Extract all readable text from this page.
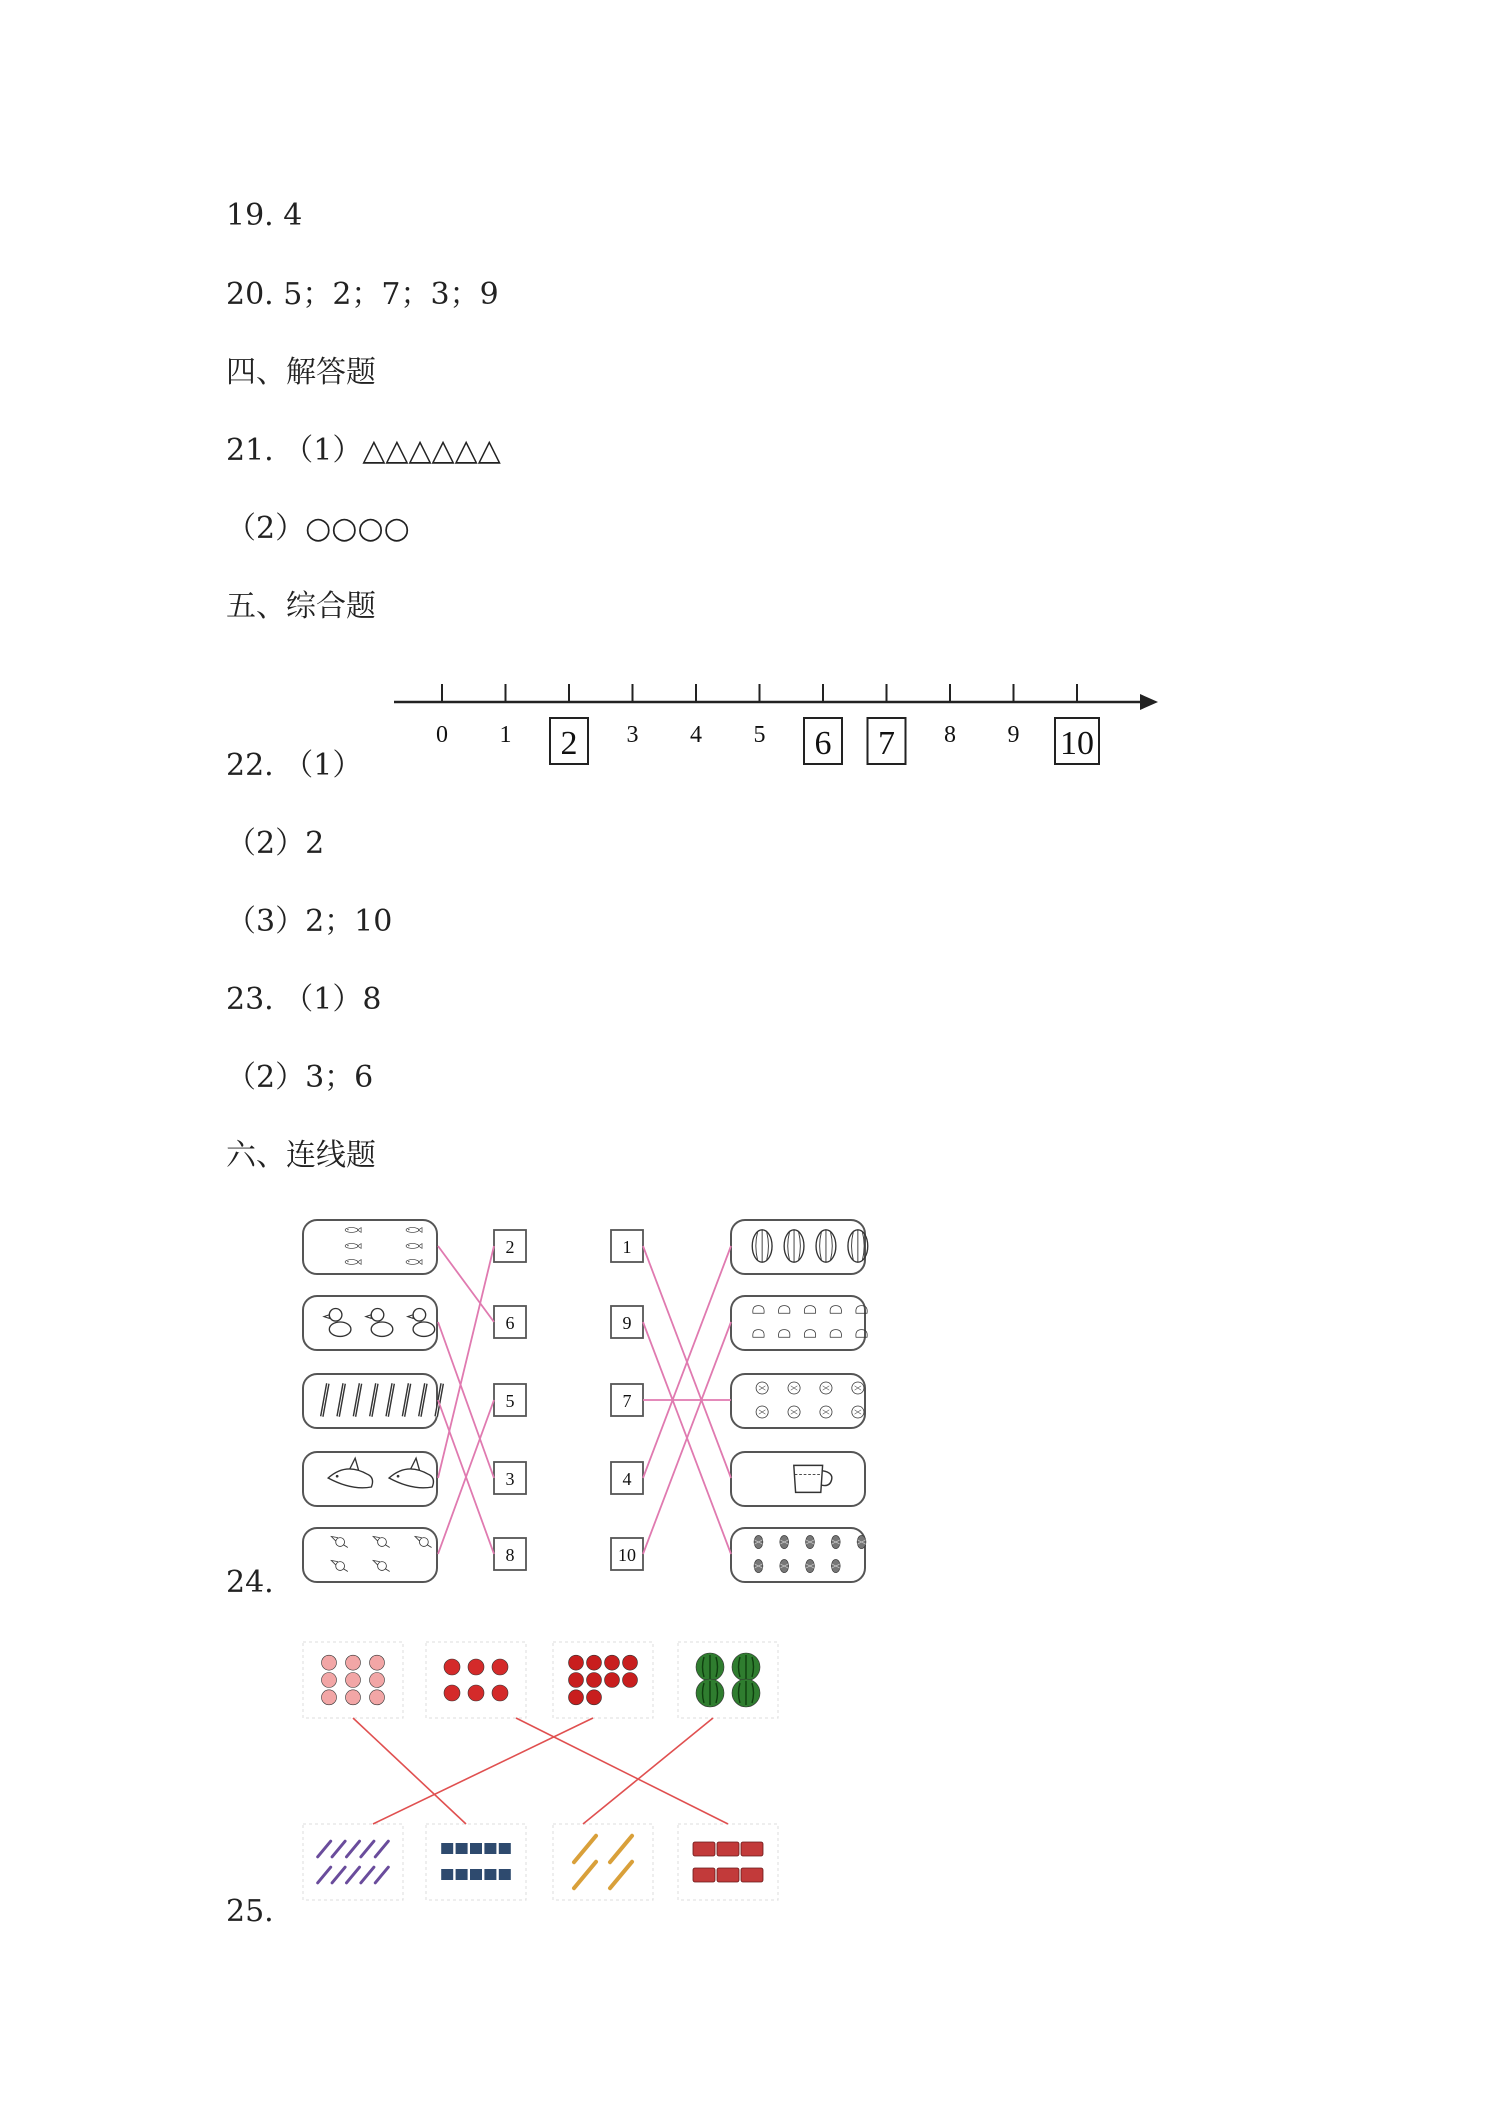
19. 4
20. 5；2；7；3；9
四、解答题
21. （1）△△△△△△
（2）○○○○
五、综合题
22. （1）
（2）2
（3）2；10
23. （1）8
（2）3；6
六、连线题
24.
25.
0 1 2 3 4 5 6 7 8 9 10
2
6
5
3
8
1
9
7
4
10
